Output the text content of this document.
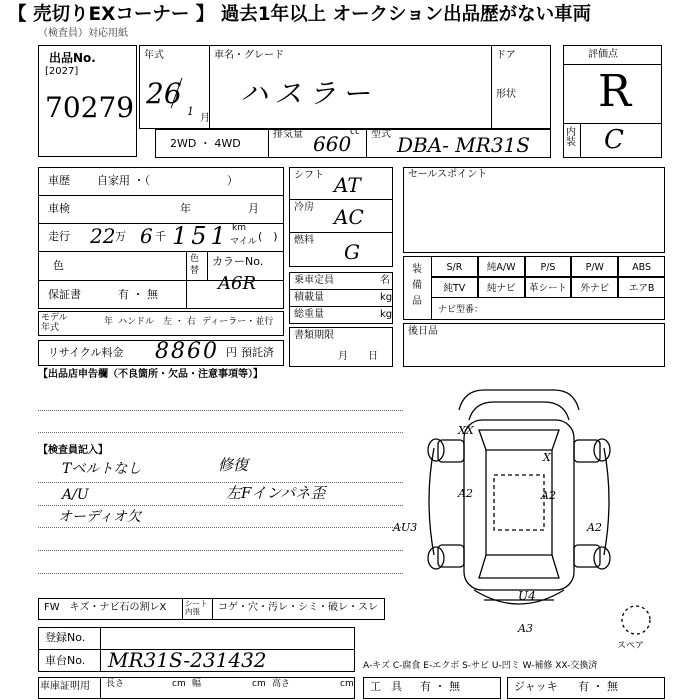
【 売切りEXコーナー 】 過去1年以上 オークション出品歴がない車両
（検査員）対応用紙
出品No.
[2027]
70279
年式
26
1
月
車名・グレード
ハスラー
ドア
形状
2WD ・ 4WD
排気量 660
㏄ 型式 DBA- MR31S
評価点
R
内装 C
車歴 自家用 ・（　　　　　　　）
車検	年	月
走行 22 万 6 千 151 km
マイル (　)
色	色替
カラーNo.
A6R
保証書	有 ・ 無
モデル年式
年 ハンドル　左 ・ 右 ディーラー・並行
リサイクル料金 8860 円 預託済
シフト AT
冷房 AC
燃料 G
乗車定員	名
積載量	kg
総重量	kg
書類期限
月日
セールスポイント
装備品
S/R	純A/W	P/S	P/W	ABS
純TV	純ナビ	革シート	外ナビ	エアB
ナビ型番：
後日品
【出品店申告欄（不良箇所・欠品・注意事項等）】
【検査員記入】
Tベルトなし
A/U
オーディオ欠
修復
左Fインパネ歪
XX
X
A2	A2
AU3	A2
U4
A3
スペア
FW　キズ・ナビ石の割レX シート内張	コゲ・穴・汚レ・シミ・破レ・スレ
登録No.
車台No. MR31S-231432	A-キズ C-腐食 E-エクボ S-サビ U-凹ミ W-補修 XX-交換済
車庫証明用 長さ	cm 幅	cm 高さ	cm 工具 有 ・ 無	ジャッキ 有 ・ 無
